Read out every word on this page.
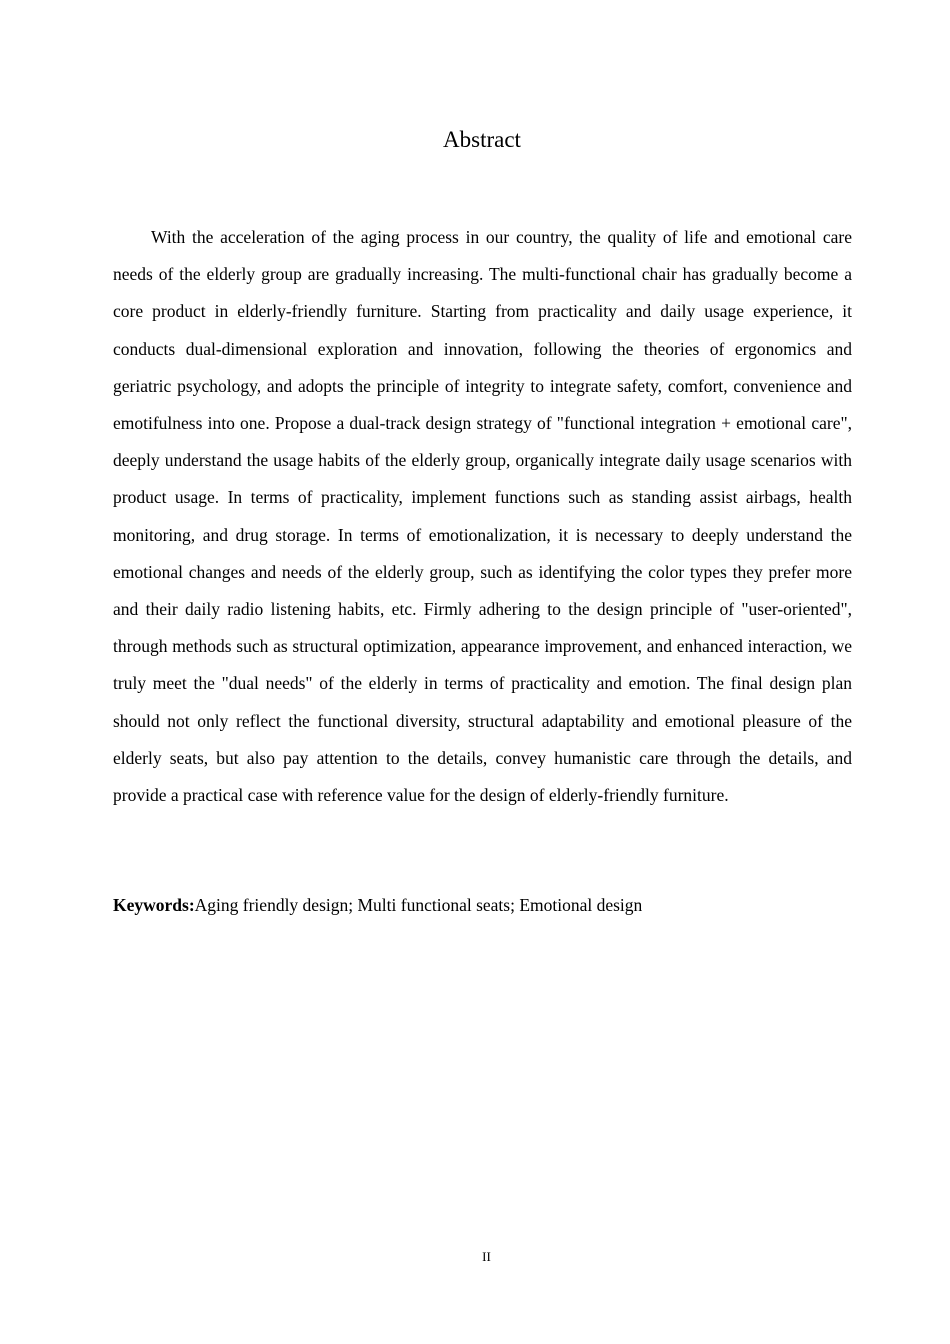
Abstract

With the acceleration of the aging process in our country, the quality of life and emotional care needs of the elderly group are gradually increasing. The multi-functional chair has gradually become a core product in elderly-friendly furniture. Starting from practicality and daily usage experience, it conducts dual-dimensional exploration and innovation, following the theories of ergonomics and geriatric psychology, and adopts the principle of integrity to integrate safety, comfort, convenience and emotifulness into one. Propose a dual-track design strategy of "functional integration + emotional care", deeply understand the usage habits of the elderly group, organically integrate daily usage scenarios with product usage. In terms of practicality, implement functions such as standing assist airbags, health monitoring, and drug storage. In terms of emotionalization, it is necessary to deeply understand the emotional changes and needs of the elderly group, such as identifying the color types they prefer more and their daily radio listening habits, etc. Firmly adhering to the design principle of "user-oriented", through methods such as structural optimization, appearance improvement, and enhanced interaction, we truly meet the "dual needs" of the elderly in terms of practicality and emotion. The final design plan should not only reflect the functional diversity, structural adaptability and emotional pleasure of the elderly seats, but also pay attention to the details, convey humanistic care through the details, and provide a practical case with reference value for the design of elderly-friendly furniture.

Keywords:Aging friendly design; Multi functional seats; Emotional design

II
